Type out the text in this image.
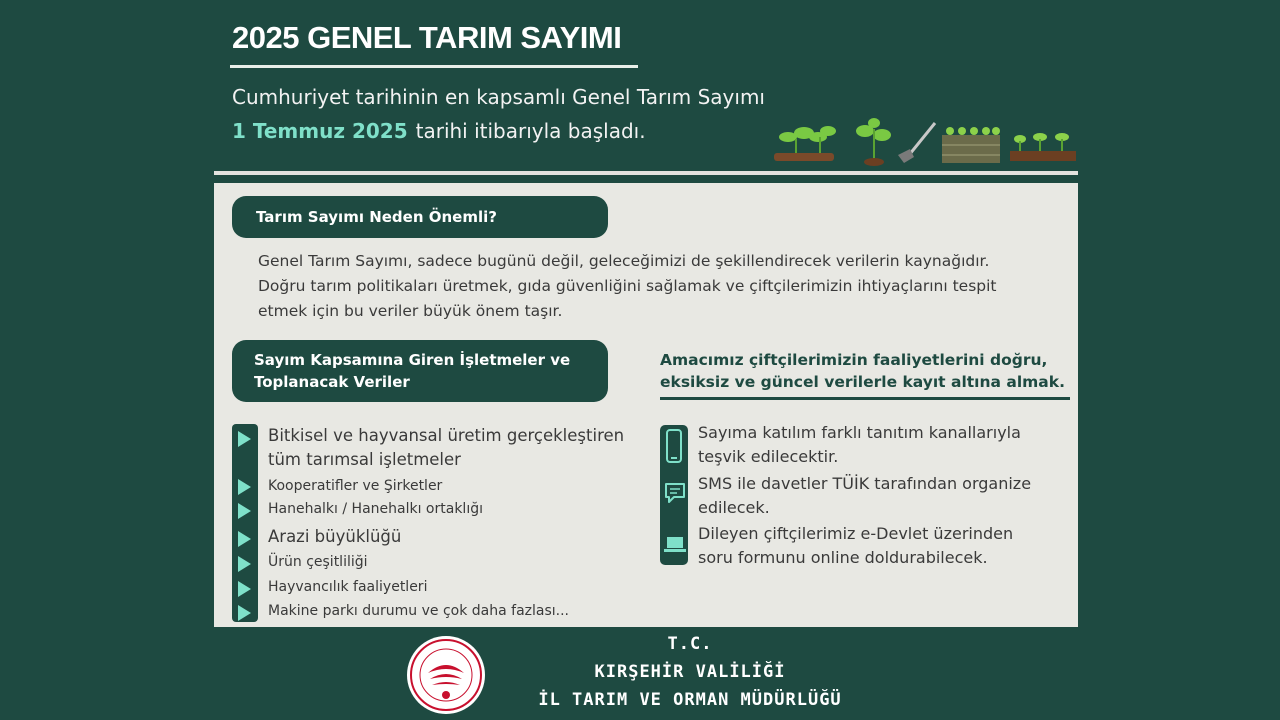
2025 GENEL TARIM SAYIMI
Cumhuriyet tarihinin en kapsamlı Genel Tarım Sayımı
1 Temmuz 2025 tarihi itibarıyla başladı.
Tarım Sayımı Neden Önemli?
Genel Tarım Sayımı, sadece bugünü değil, geleceğimizi de şekillendirecek verilerin kaynağıdır.
Doğru tarım politikaları üretmek, gıda güvenliğini sağlamak ve çiftçilerimizin ihtiyaçlarını tespit
etmek için bu veriler büyük önem taşır.
Sayım Kapsamına Giren İşletmeler ve
Toplanacak Veriler
Amacımız çiftçilerimizin faaliyetlerini doğru,
eksiksiz ve güncel verilerle kayıt altına almak.
Bitkisel ve hayvansal üretim gerçekleştiren
tüm tarımsal işletmeler
Kooperatifler ve Şirketler
Hanehalkı / Hanehalkı ortaklığı
Arazi büyüklüğü
Ürün çeşitliliği
Hayvancılık faaliyetleri
Makine parkı durumu ve çok daha fazlası...
Sayıma katılım farklı tanıtım kanallarıyla
teşvik edilecektir.
SMS ile davetler TÜİK tarafından organize
edilecek.
Dileyen çiftçilerimiz e-Devlet üzerinden
soru formunu online doldurabilecek.
T.C.
KIRŞEHİR VALİLİĞİ
İL TARIM VE ORMAN MÜDÜRLÜĞÜ
